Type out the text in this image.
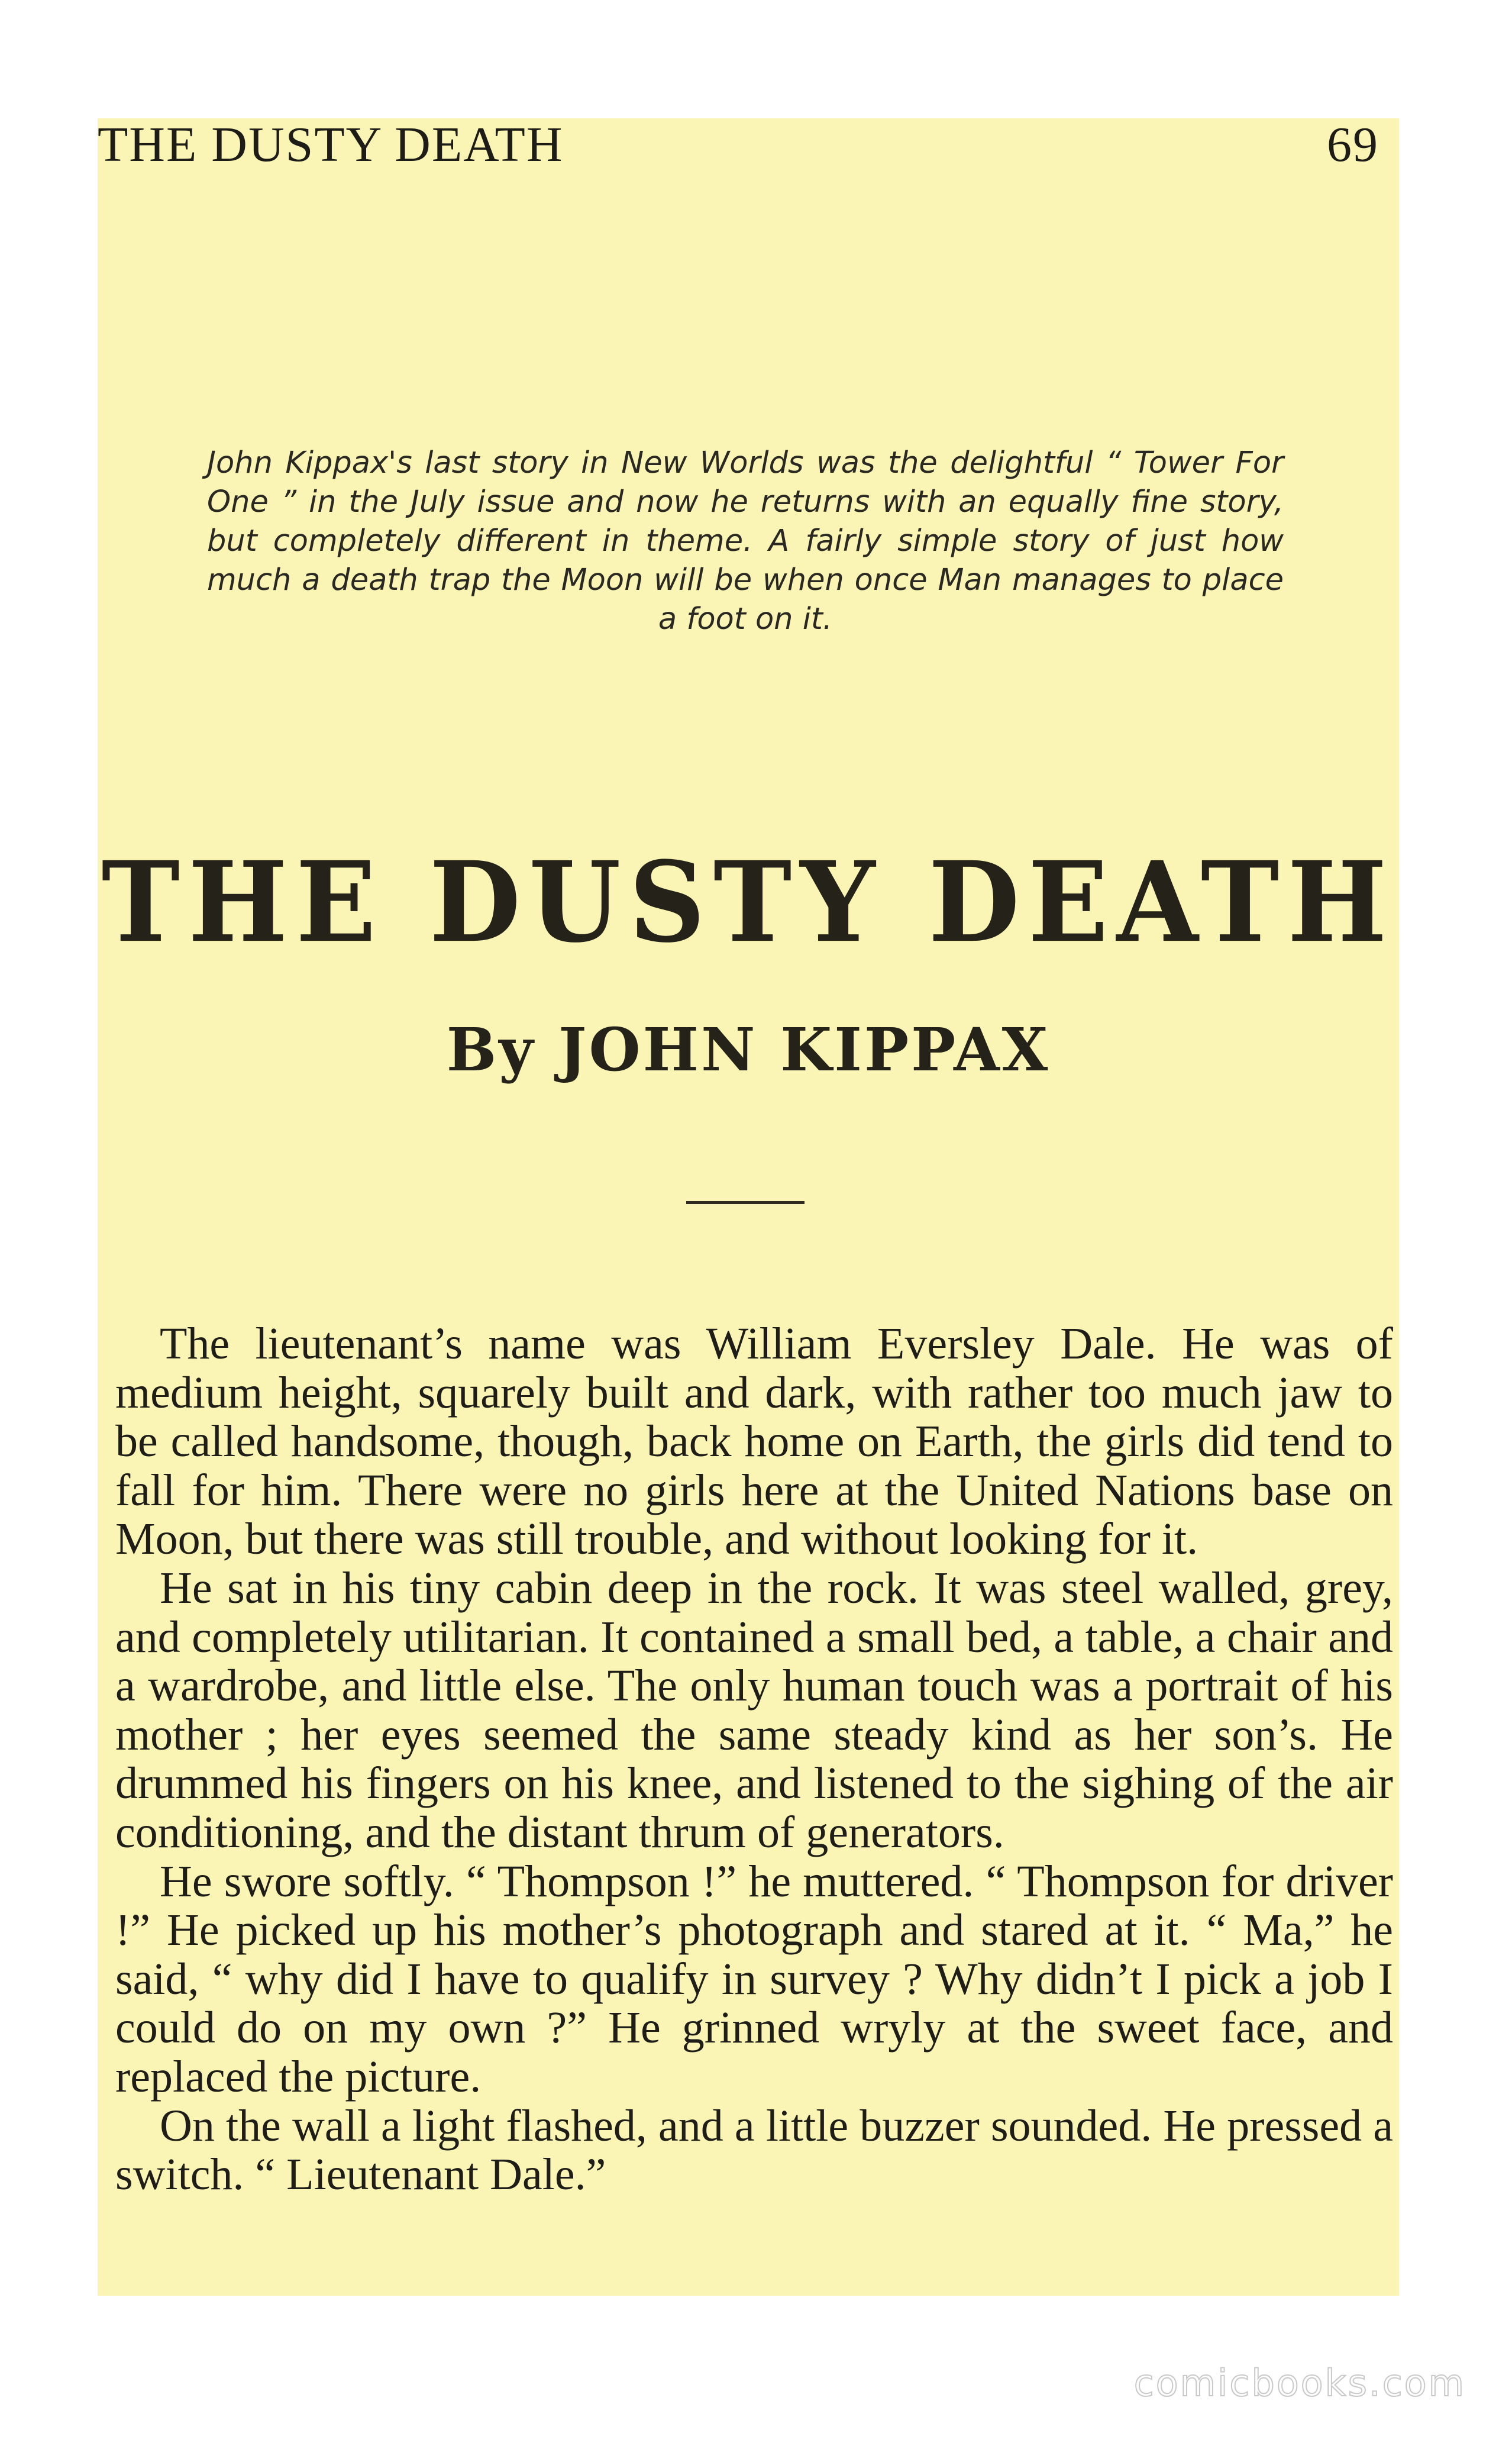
THE DUSTY DEATH	69
John Kippax's last story in New Worlds was the delightful “ Tower For One ” in the July issue and now he returns with an equally fine story, but completely different in theme. A fairly simple story of just how much a death trap the Moon will be when once Man manages to place a foot on it.
THE DUSTY DEATH
By JOHN KIPPAX

The lieutenant’s name was William Eversley Dale. He was of medium height, squarely built and dark, with rather too much jaw to be called handsome, though, back home on Earth, the girls did tend to fall for him. There were no girls here at the United Nations base on Moon, but there was still trouble, and without looking for it.

He sat in his tiny cabin deep in the rock. It was steel walled, grey, and completely utilitarian. It contained a small bed, a table, a chair and a wardrobe, and little else. The only human touch was a portrait of his mother ; her eyes seemed the same steady kind as her son’s. He drummed his fingers on his knee, and listened to the sighing of the air conditioning, and the distant thrum of generators.

He swore softly. “ Thompson !” he muttered. “ Thompson for driver !” He picked up his mother’s photograph and stared at it. “ Ma,” he said, “ why did I have to qualify in survey ? Why didn’t I pick a job I could do on my own ?” He grinned wryly at the sweet face, and replaced the picture.

On the wall a light flashed, and a little buzzer sounded. He pressed a switch. “ Lieutenant Dale.”

comicbooks.com
